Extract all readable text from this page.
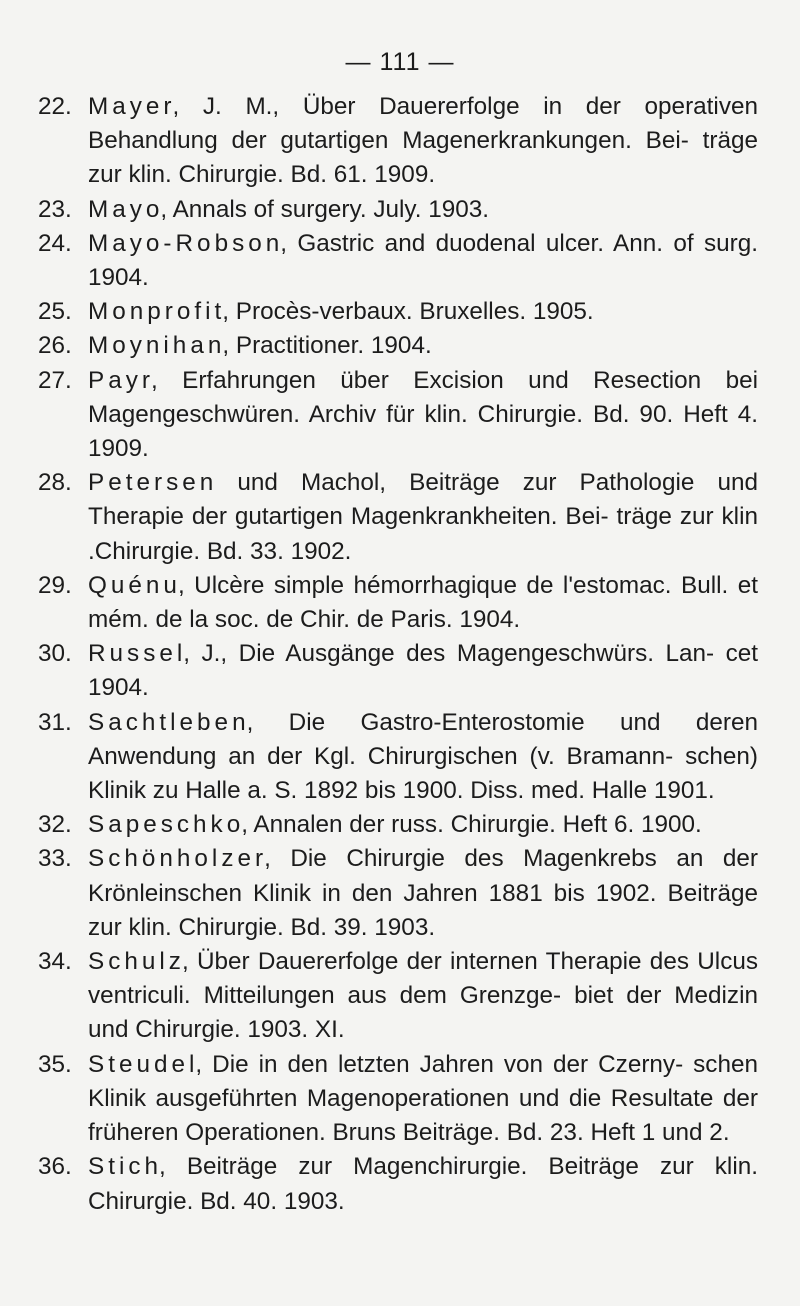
— 111 —
22. Mayer, J. M., Über Dauererfolge in der operativen Behandlung der gutartigen Magenerkrankungen. Bei- träge zur klin. Chirurgie. Bd. 61. 1909.
23. Mayo, Annals of surgery. July. 1903.
24. Mayo-Robson, Gastric and duodenal ulcer. Ann. of surg. 1904.
25. Monprofit, Procès-verbaux. Bruxelles. 1905.
26. Moynihan, Practitioner. 1904.
27. Payr, Erfahrungen über Excision und Resection bei Magengeschwüren. Archiv für klin. Chirurgie. Bd. 90. Heft 4. 1909.
28. Petersen und Machol, Beiträge zur Pathologie und Therapie der gutartigen Magenkrankheiten. Bei- träge zur klin .Chirurgie. Bd. 33. 1902.
29. Quénu, Ulcère simple hémorrhagique de l'estomac. Bull. et mém. de la soc. de Chir. de Paris. 1904.
30. Russel, J., Die Ausgänge des Magengeschwürs. Lan- cet 1904.
31. Sachtleben, Die Gastro-Enterostomie und deren Anwendung an der Kgl. Chirurgischen (v. Bramann- schen) Klinik zu Halle a. S. 1892 bis 1900. Diss. med. Halle 1901.
32. Sapeschko, Annalen der russ. Chirurgie. Heft 6. 1900.
33. Schönholzer, Die Chirurgie des Magenkrebs an der Krönleinschen Klinik in den Jahren 1881 bis 1902. Beiträge zur klin. Chirurgie. Bd. 39. 1903.
34. Schulz, Über Dauererfolge der internen Therapie des Ulcus ventriculi. Mitteilungen aus dem Grenzge- biet der Medizin und Chirurgie. 1903. XI.
35. Steudel, Die in den letzten Jahren von der Czerny- schen Klinik ausgeführten Magenoperationen und die Resultate der früheren Operationen. Bruns Beiträge. Bd. 23. Heft 1 und 2.
36. Stich, Beiträge zur Magenchirurgie. Beiträge zur klin. Chirurgie. Bd. 40. 1903.
